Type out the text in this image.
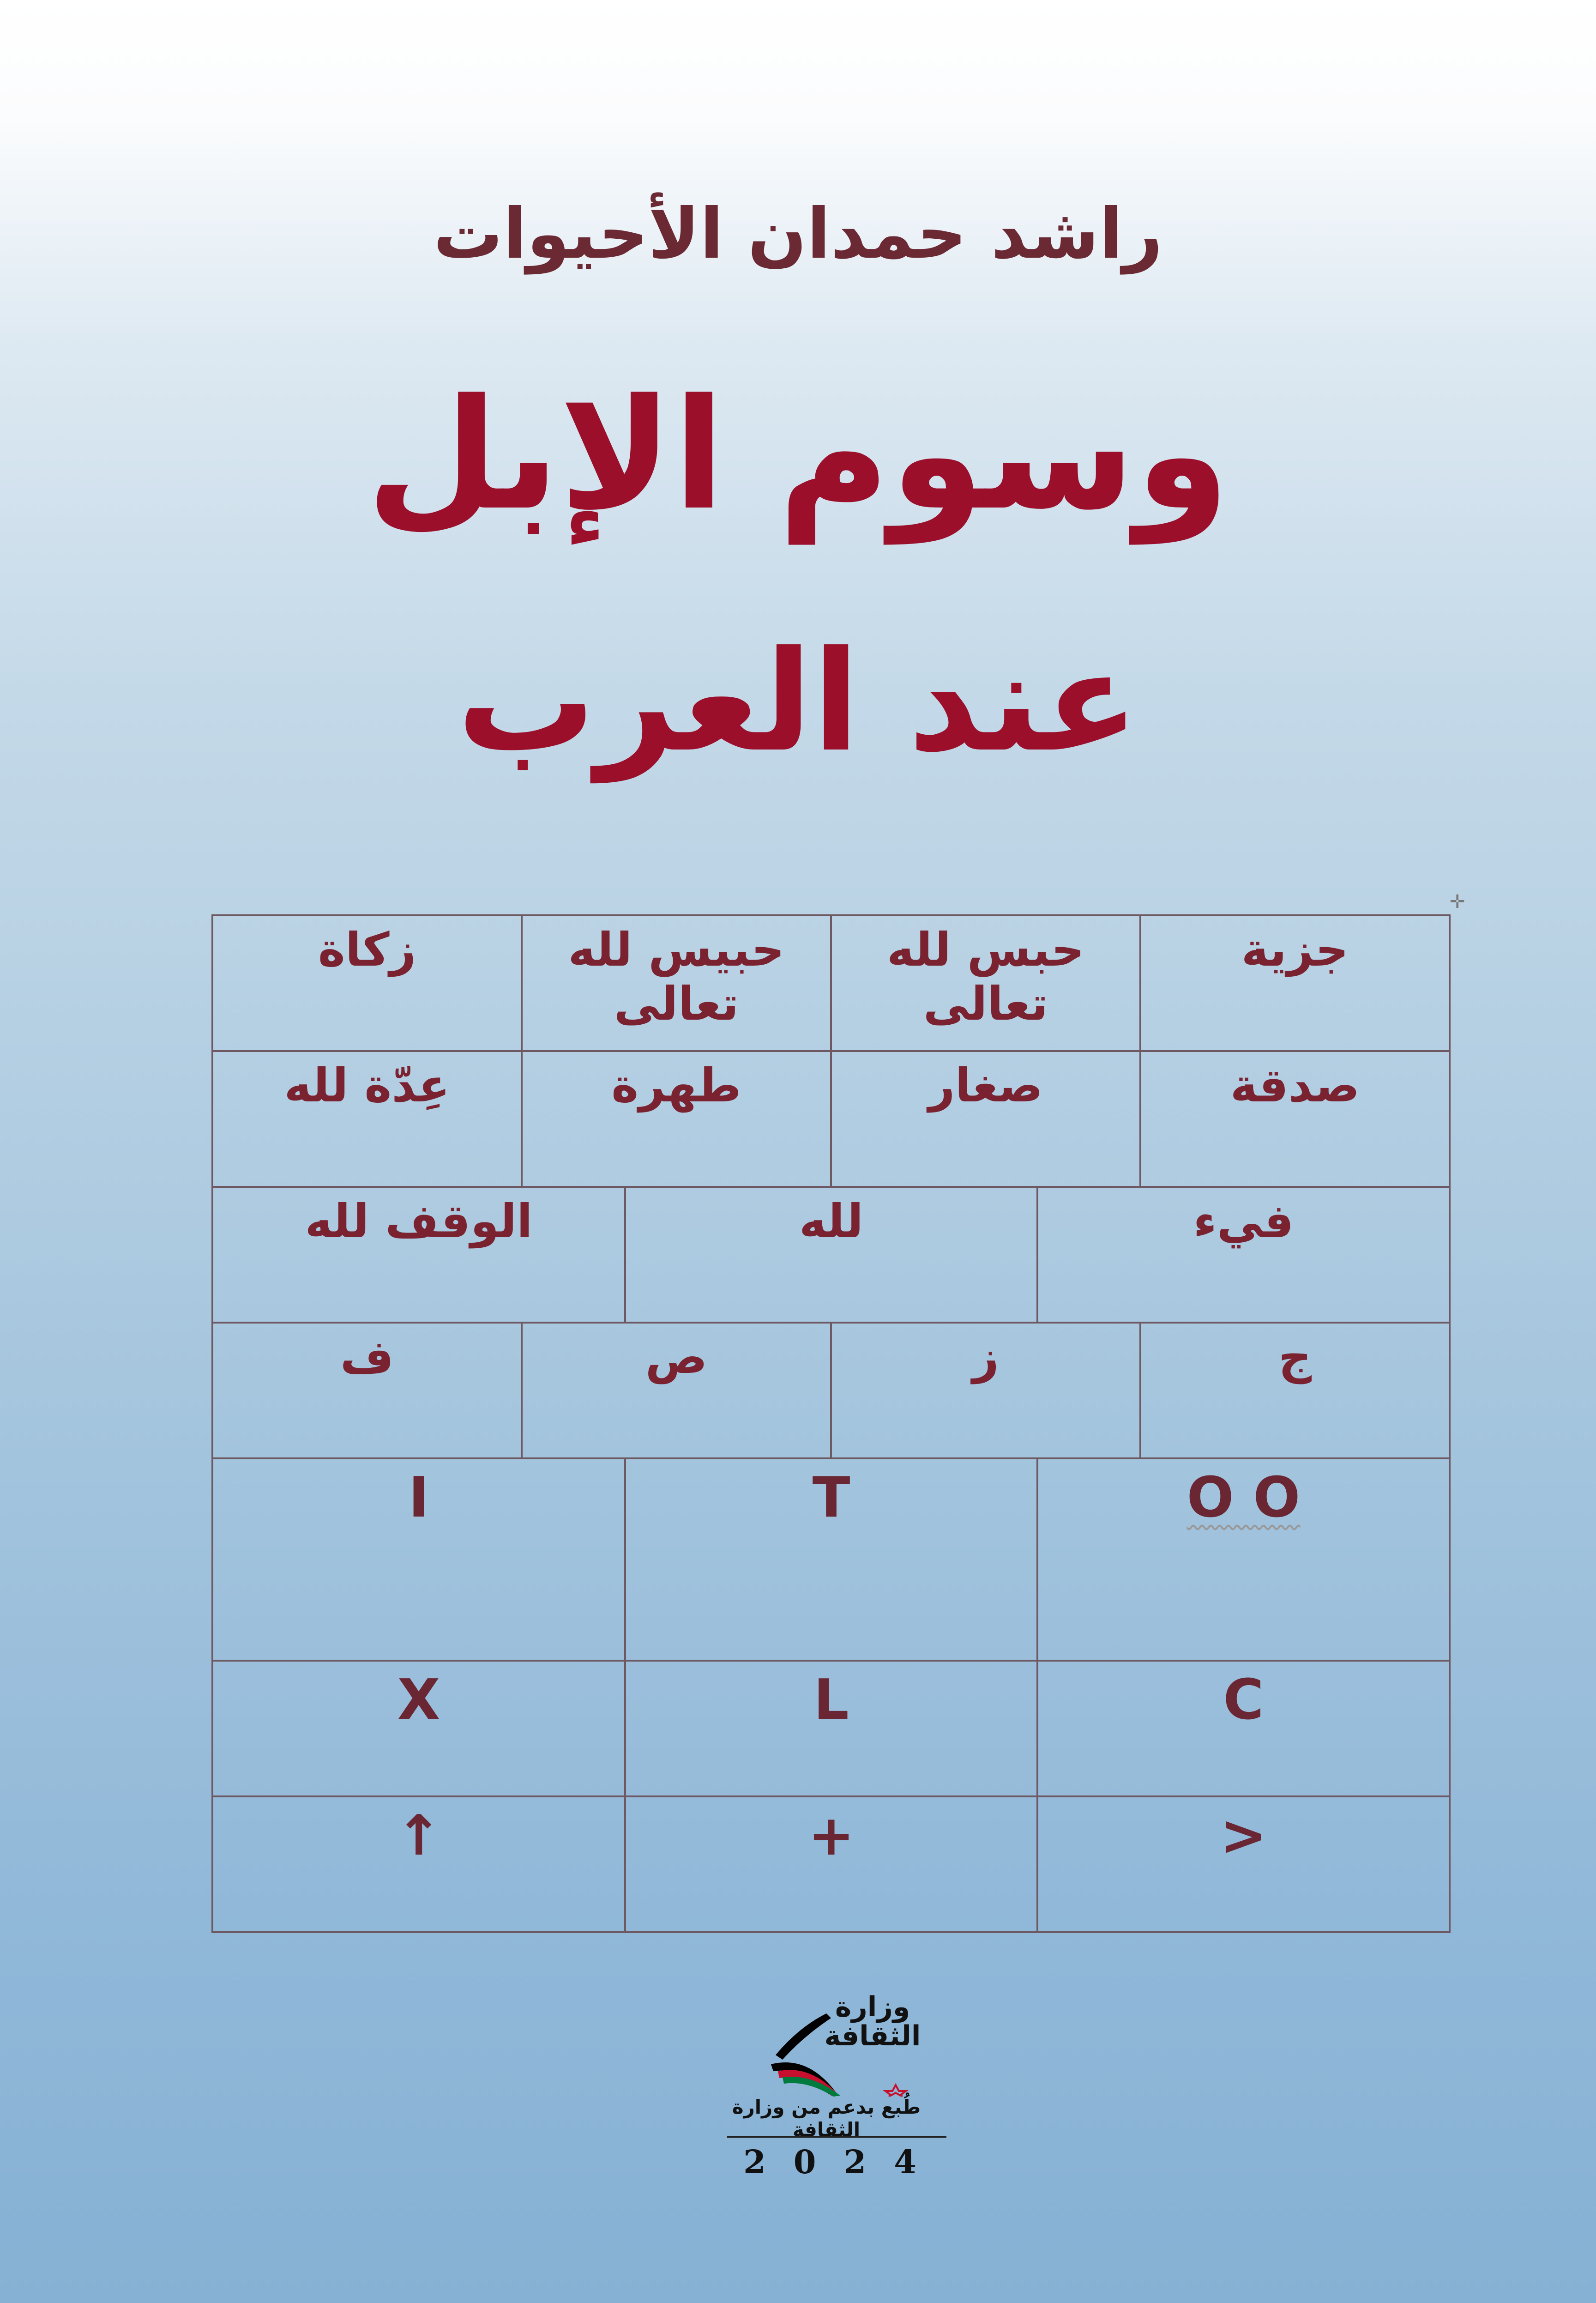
راشد حمدان الأحيوات
وسوم الإبل
عند العرب
✛
جزية	حبس لله تعالى	حبيس لله تعالى	زكاة
صدقة	صغار	طهرة	عِدّة لله
فيء	لله	الوقف لله
ج	ز	ص	ف
O O	T	I
C	L	X
<	+	↑
وزارة
الثقافة
طُبع بدعم من وزارة الثقافة
2024
